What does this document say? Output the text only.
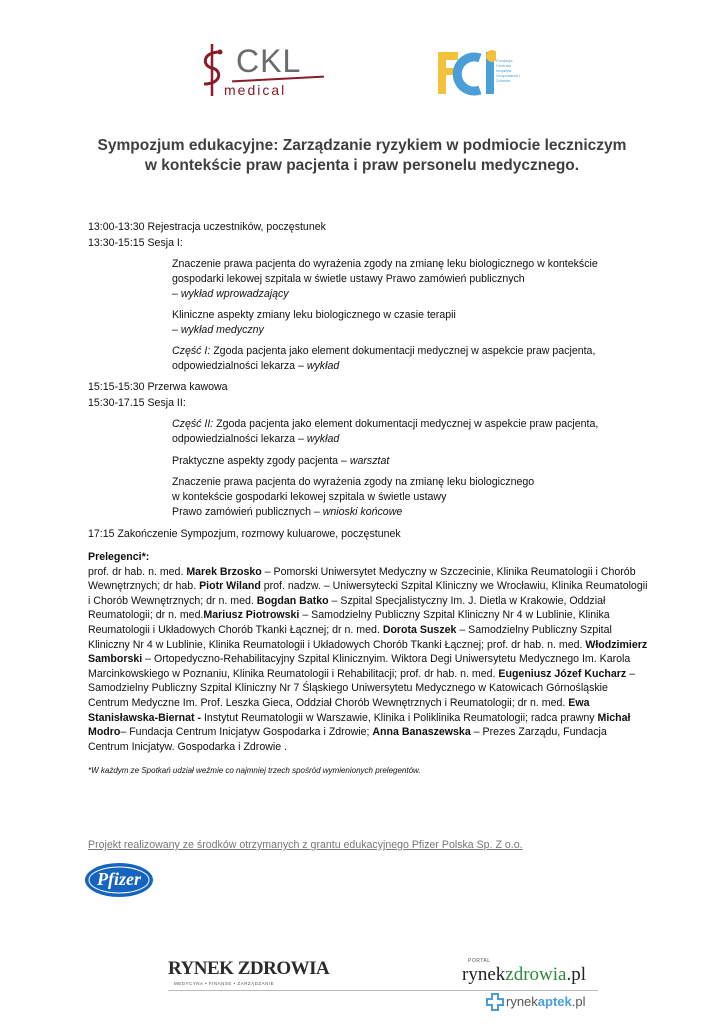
CKL
medical
Fundacja
Centrum
Inicjatyw
Gospodarka i
Zdrowie
Sympozjum edukacyjne: Zarządzanie ryzykiem w podmiocie leczniczym
w kontekście praw pacjenta i praw personelu medycznego.
13:00-13:30 Rejestracja uczestników, poczęstunek
13:30-15:15 Sesja I:
Znaczenie prawa pacjenta do wyrażenia zgody na zmianę leku biologicznego w kontekście
gospodarki lekowej szpitala w świetle ustawy Prawo zamówień publicznych
– wykład wprowadzający
Kliniczne aspekty zmiany leku biologicznego w czasie terapii
– wykład medyczny
Część I: Zgoda pacjenta jako element dokumentacji medycznej w aspekcie praw pacjenta,
odpowiedzialności lekarza – wykład
15:15-15:30 Przerwa kawowa
15:30-17.15 Sesja II:
Część II: Zgoda pacjenta jako element dokumentacji medycznej w aspekcie praw pacjenta,
odpowiedzialności lekarza – wykład
Praktyczne aspekty zgody pacjenta – warsztat
Znaczenie prawa pacjenta do wyrażenia zgody na zmianę leku biologicznego
w kontekście gospodarki lekowej szpitala w świetle ustawy
Prawo zamówień publicznych – wnioski końcowe
17:15 Zakończenie Sympozjum, rozmowy kuluarowe, poczęstunek

Prelegenci*:

prof. dr hab. n. med. Marek Brzosko – Pomorski Uniwersytet Medyczny w Szczecinie, Klinika Reumatologii i Chorób Wewnętrznych; dr hab. Piotr Wiland prof. nadzw. – Uniwersytecki Szpital Kliniczny we Wrocławiu, Klinika Reumatologii i Chorób Wewnętrznych; dr n. med. Bogdan Batko – Szpital Specjalistyczny Im. J. Dietla w Krakowie, Oddział Reumatologii; dr n. med.Mariusz Piotrowski – Samodzielny Publiczny Szpital Kliniczny Nr 4 w Lublinie, Klinika Reumatologii i Układowych Chorób Tkanki Łącznej; dr n. med. Dorota Suszek – Samodzielny Publiczny Szpital Kliniczny Nr 4 w Lublinie, Klinika Reumatologii i Układowych Chorób Tkanki Łącznej; prof. dr hab. n. med. Włodzimierz Samborski – Ortopedyczno-Rehabilitacyjny Szpital Klinicznyim. Wiktora Degi Uniwersytetu Medycznego Im. Karola Marcinkowskiego w Poznaniu, Klinika Reumatologii i Rehabilitacji; prof. dr hab. n. med. Eugeniusz Józef Kucharz – Samodzielny Publiczny Szpital Kliniczny Nr 7 Śląskiego Uniwersytetu Medycznego w Katowicach Górnośląskie Centrum Medyczne Im. Prof. Leszka Gieca, Oddział Chorób Wewnętrznych i Reumatologii; dr n. med. Ewa Stanisławska-Biernat - Instytut Reumatologii w Warszawie, Klinika i Poliklinika Reumatologii; radca prawny Michał Modro– Fundacja Centrum Inicjatyw Gospodarka i Zdrowie; Anna Banaszewska – Prezes Zarządu, Fundacja Centrum Inicjatyw. Gospodarka i Zdrowie .

*W każdym ze Spotkań udział weźmie co najmniej trzech spośród wymienionych prelegentów.
Projekt realizowany ze środków otrzymanych z grantu edukacyjnego Pfizer Polska Sp. Z o.o.
Pfizer
RYNEK ZDROWIA
MEDYCYNA • FINANSE • ZARZĄDZANIE
PORTAL
rynekzdrowia.pl
rynekaptek.pl
